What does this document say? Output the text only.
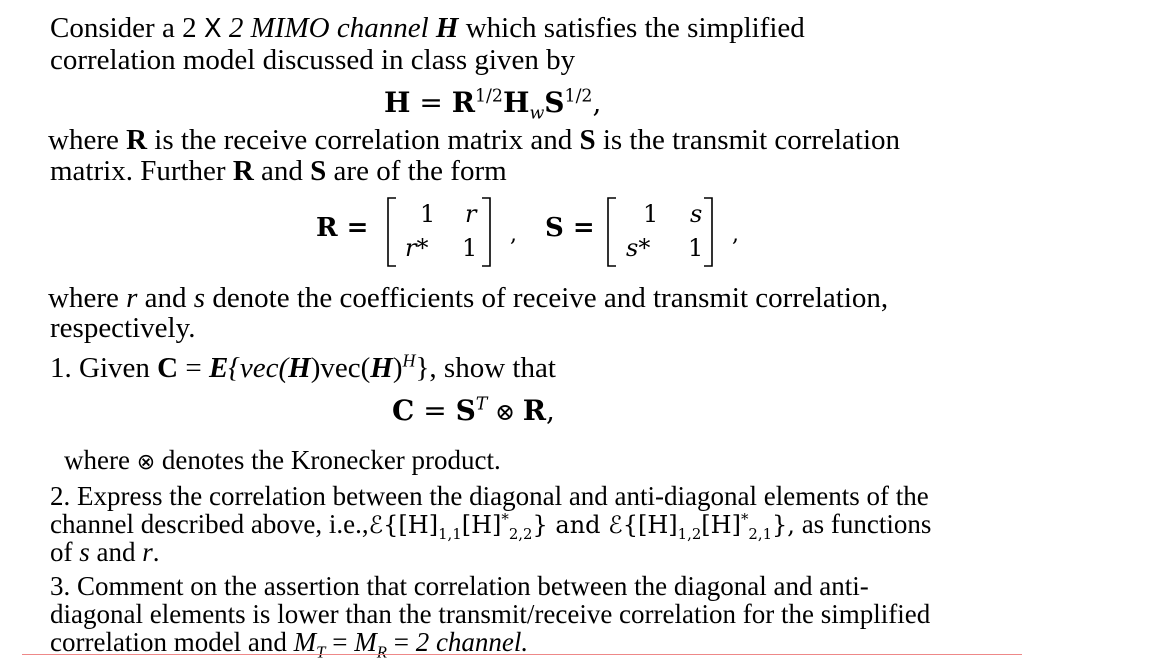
Consider a 2 X 2 MIMO channel H which satisfies the simplified
correlation model discussed in class given by
$H = R^{1/2}H_wS^{1/2}$,
where R is the receive correlation matrix and S is the transmit correlation
matrix. Further R and S are of the form
R = 1 r
r* 1 , S = 1 s
s* 1 ,
where r and s denote the coefficients of receive and transmit correlation,
respectively.
1. Given $C = E\{vec(H)vec(H)^H\}$, show that
$C = S^T$ ⊗ R,
where ⊗ denotes the Kronecker product.
2. Express the correlation between the diagonal and anti-diagonal elements of the
channel described above, $i.e.,ℰ\{[H]_{1,1}[H]^*_{2,2}\}$ and $ℰ\{[H]_{1,2}[H]^*_{2,1}\}$, as functions
of s and r.
3. Comment on the assertion that correlation between the diagonal and anti-
diagonal elements is lower than the transmit/receive correlation for the simplified
correlation model and $M_T = M_R = 2$ channel.
